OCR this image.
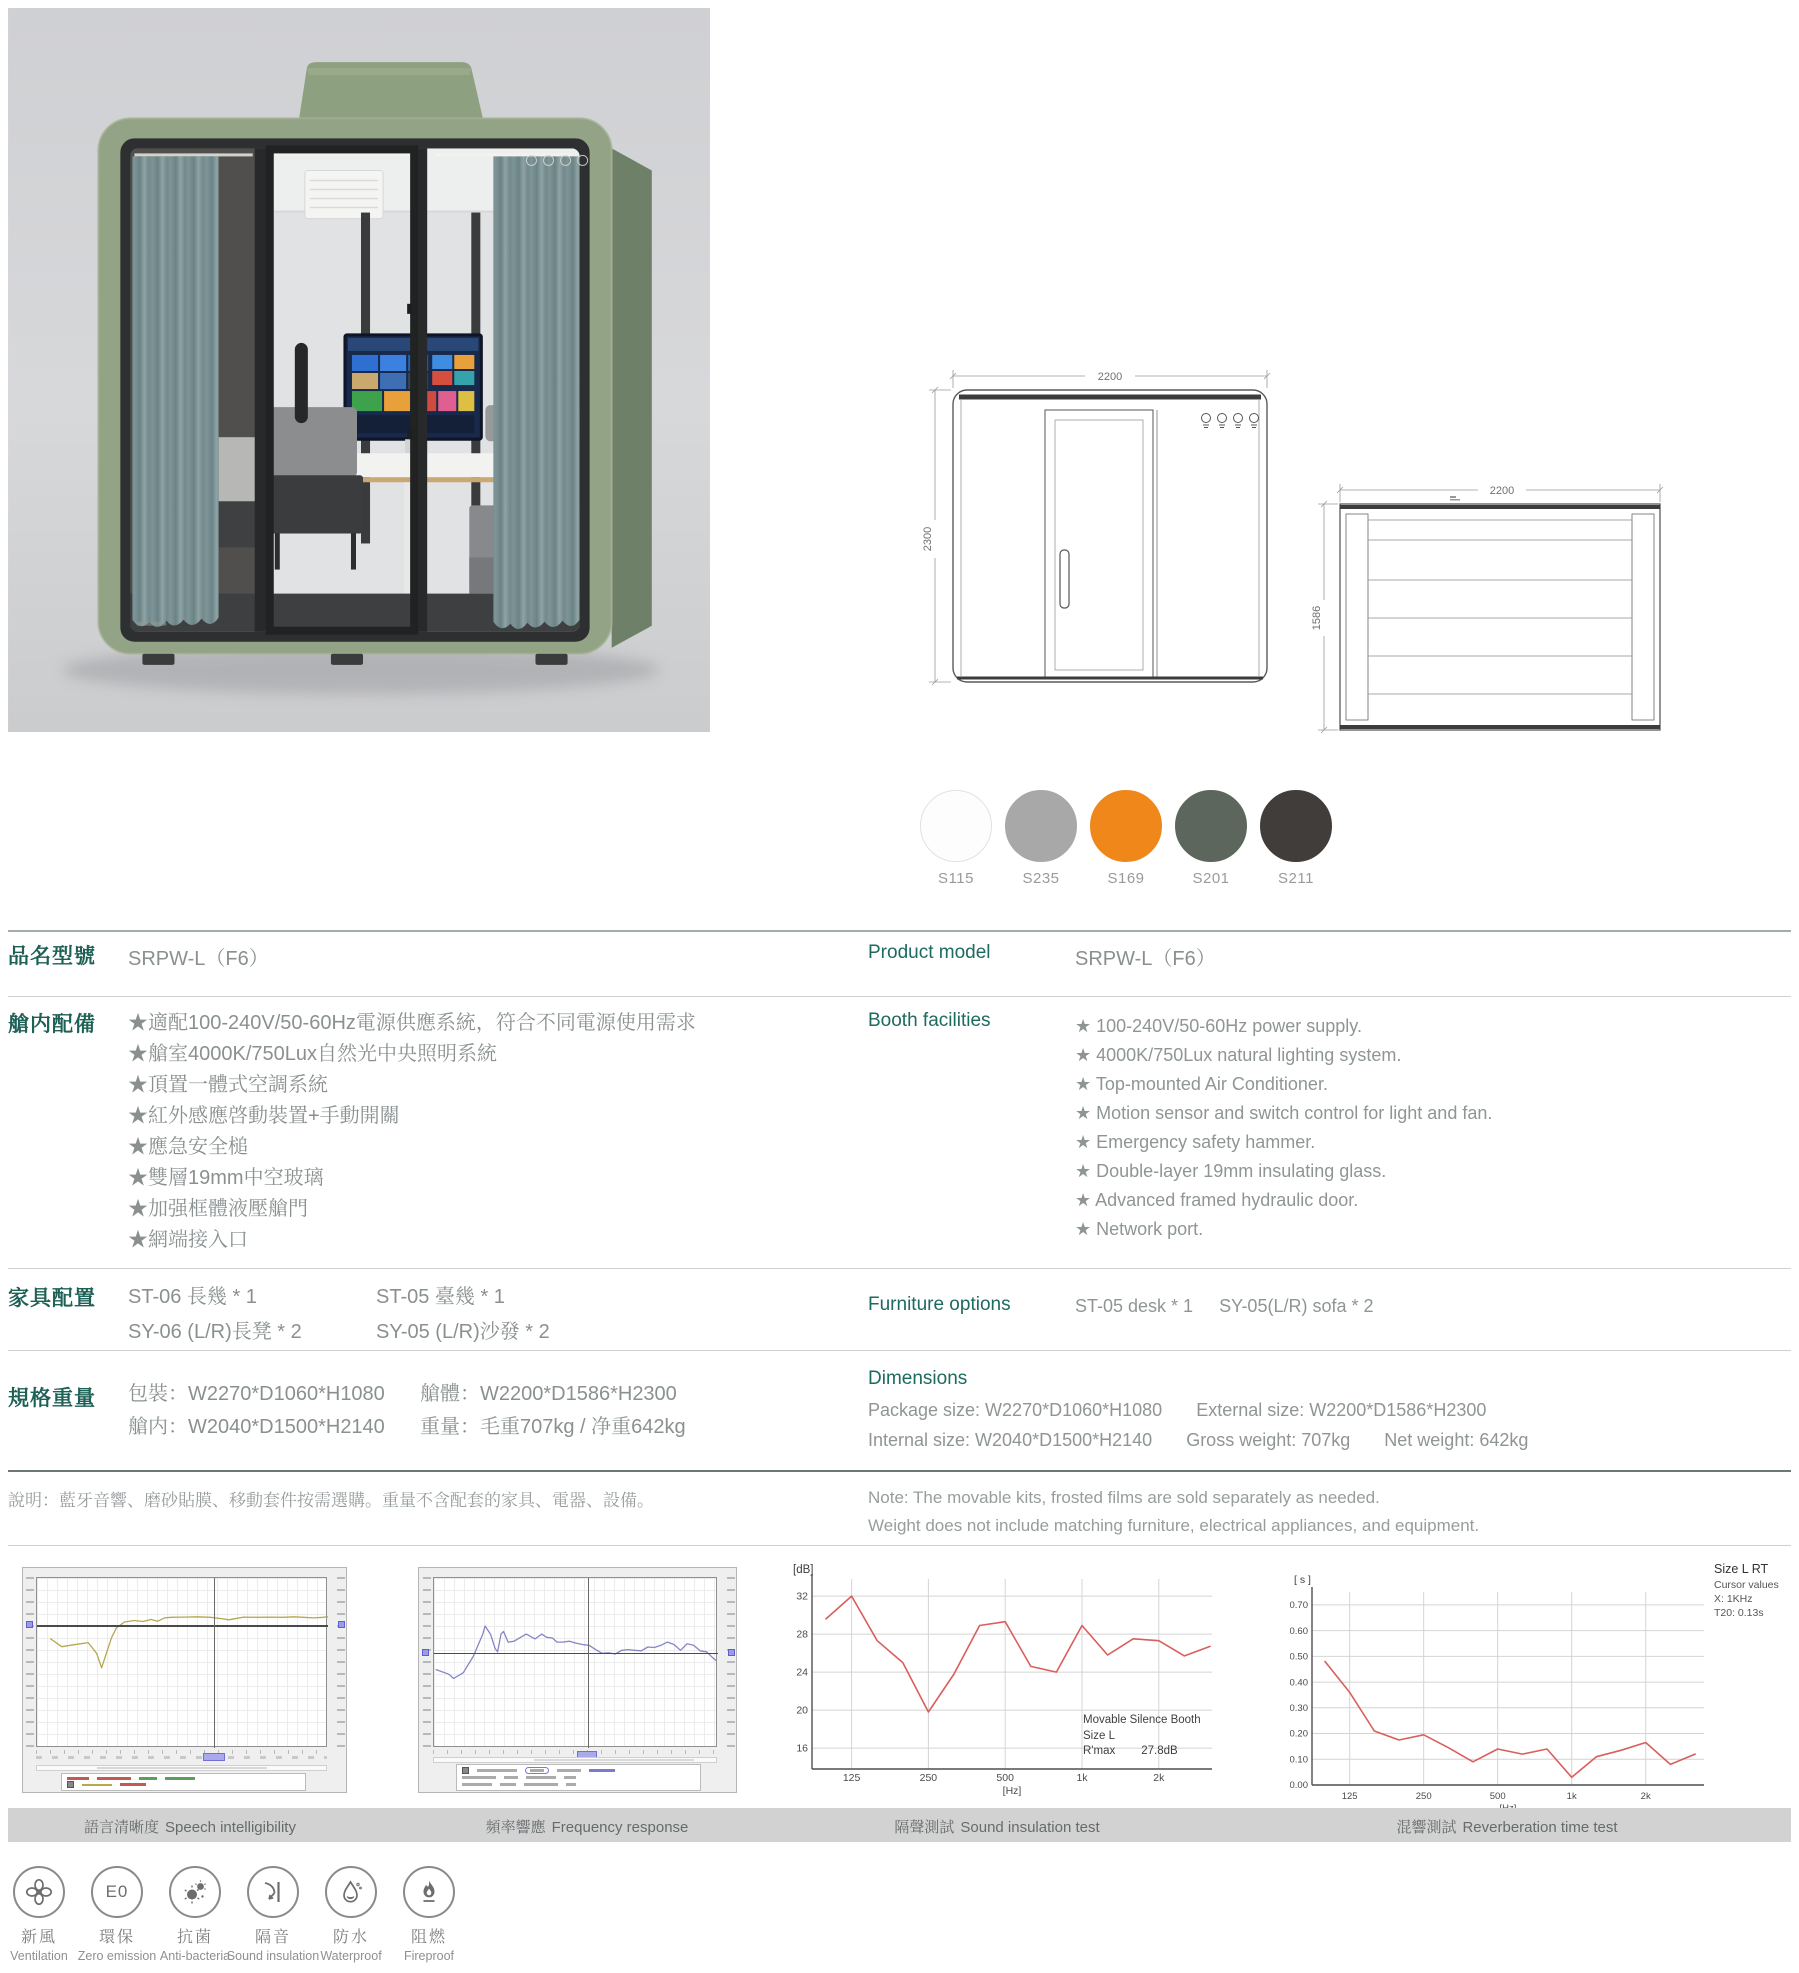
2200
2300
2200
1586
S115	S235	S169	S201	S211
品名型號 SRPW-L（F6）	Product model	SRPW-L（F6）
艙内配備 ★適配100-240V/50-60Hz電源供應系統，符合不同電源使用需求
★艙室4000K/750Lux自然光中央照明系統
★頂置一體式空調系統
★紅外感應啓動裝置+手動開關
★應急安全槌
★雙層19mm中空玻璃
★加强框體液壓艙門
★網端接入口
Booth facilities	★ 100-240V/50-60Hz power supply.
★ 4000K/750Lux natural lighting system.
★ Top-mounted Air Conditioner.
★ Motion sensor and switch control for light and fan.
★ Emergency safety hammer.
★ Double-layer 19mm insulating glass.
★ Advanced framed hydraulic door.
★ Network port.
家具配置 ST-06 長幾 * 1	ST-05 臺幾 * 1
SY-06 (L/R)長凳 * 2	SY-05 (L/R)沙發 * 2
Furniture options	ST-05 desk * 1 SY-05(L/R) sofa * 2
規格重量 包裝：W2270*D1060*H1080	艙體：W2200*D1586*H2300
艙内：W2040*D1500*H2140	重量：毛重707kg / 净重642kg
Dimensions
Package size: W2270*D1060*H1080 External size: W2200*D1586*H2300
Internal size: W2040*D1500*H2140 Gross weight: 707kg Net weight: 642kg
說明：藍牙音響、磨砂貼膜、移動套件按需選購。重量不含配套的家具、電器、設備。	Note: The movable kits, frosted films are sold separately as needed.
Weight does not include matching furniture, electrical appliances, and equipment.
16
20
24
28
32
125	250	500	1k	2k
[dB]
[Hz]
Movable Silence Booth
Size L
R'max 27.8dB
0.00
0.10
0.20
0.30
0.40
0.50
0.60
0.70
125	250	500	1k	2k
[ s ]
Size L RT
Cursor values
X: 1KHz
T20: 0.13s
語言清晰度 Speech intelligibility	頻率響應 Frequency response	隔聲測試 Sound insulation test	混響測試 Reverberation time test
新風
Ventilation
E0
環保
Zero emission
抗菌
Anti-bacteria
隔音
Sound insulation
防水
Waterproof
阻燃
Fireproof
